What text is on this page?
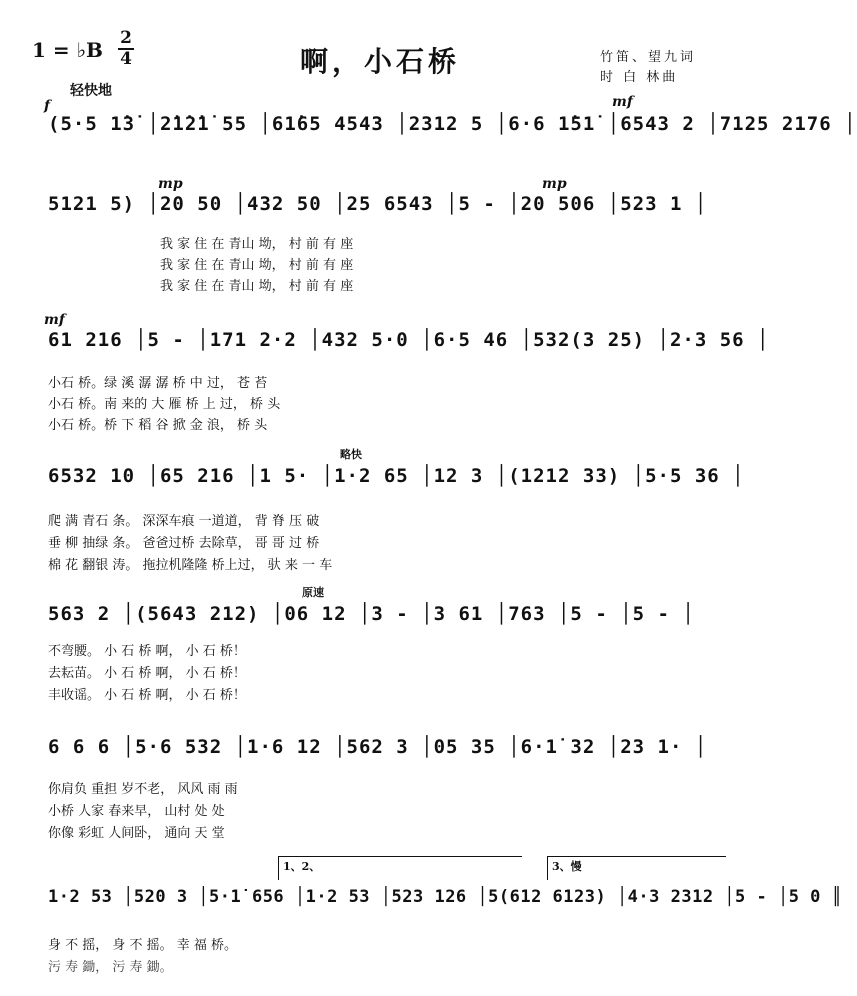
1 = ♭B 2
4	啊，小石桥	竹笛、望九词
时 白 林曲
轻快地
f	mf
(5·5 1̇3̇ │2̇1̇2̇1̇ 55 │61̇65 4543 │2312 5 │6·6 1̇51̇ │6543 2 │7125 2176 │
mp	mp
5121 5) │20 50 │432 50 │25 6543 │5 - │20 506 │523 1 │
我 家 住 在 青山 坳， 村 前 有 座
我 家 住 在 青山 坳， 村 前 有 座
我 家 住 在 青山 坳， 村 前 有 座
mf
61 216 │5 - │171 2·2 │432 5·0 │6·5 46 │532(3 25) │2·3 56 │
小石 桥。绿 溪 潺 潺 桥 中 过， 苍 苔
小石 桥。南 来的 大 雁 桥 上 过， 桥 头
小石 桥。桥 下 稻 谷 掀 金 浪， 桥 头
略快
6532 10 │65 216 │1 5· │1·2 65 │12 3 │(1212 33) │5·5 36 │
爬 满 青石 条。 深深车痕 一道道， 背 脊 压 破
垂 柳 抽绿 条。 爸爸过桥 去除草， 哥 哥 过 桥
棉 花 翻银 涛。 拖拉机隆隆 桥上过， 驮 来 一 车
原速
563 2 │(5643 212) │06 12 │3 - │3 61 │763 │5 - │5 - │
不弯腰。 小 石 桥 啊， 小 石 桥！
去耘苗。 小 石 桥 啊， 小 石 桥！
丰收谣。 小 石 桥 啊， 小 石 桥！
6 6 6 │5·6 532 │1·6 12 │562 3 │05 35 │6·1̇ 32 │23 1· │
你肩负 重担 岁不老， 风风 雨 雨
小桥 人家 春来早， 山村 处 处
你像 彩虹 人间卧， 通向 天 堂
1、2、	3、慢
1·2 53 │520 3 │5·1̇ 656 │1·2 53 │523 126 │5(612 6123) │4·3 2312 │5 - │5 0 ║
身 不 摇， 身 不 摇。 幸 福 桥。
污 寿 鋤， 污 寿 鋤。
